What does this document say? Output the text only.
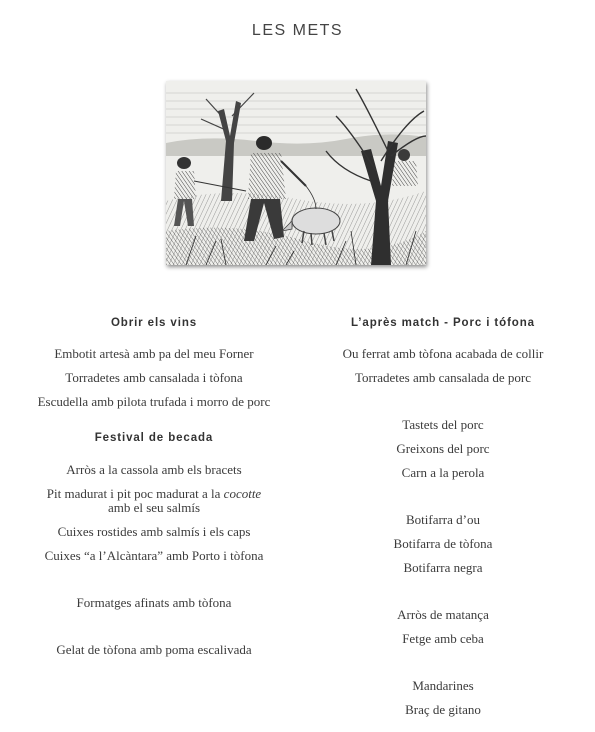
LES METS
Obrir els vins
Embotit artesà amb pa del meu Forner
Torradetes amb cansalada i tòfona
Escudella amb pilota trufada i morro de porc
Festival de becada
Arròs a la cassola amb els bracets
Pit madurat i pit poc madurat a la cocotte
amb el seu salmís
Cuixes rostides amb salmís i els caps
Cuixes “a l’Alcàntara” amb Porto i tòfona
Formatges afinats amb tòfona
Gelat de tòfona amb poma escalivada
L’après match - Porc i tófona
Ou ferrat amb tòfona acabada de collir
Torradetes amb cansalada de porc
Tastets del porc
Greixons del porc
Carn a la perola
Botifarra d’ou
Botifarra de tòfona
Botifarra negra
Arròs de matança
Fetge amb ceba
Mandarines
Braç de gitano
